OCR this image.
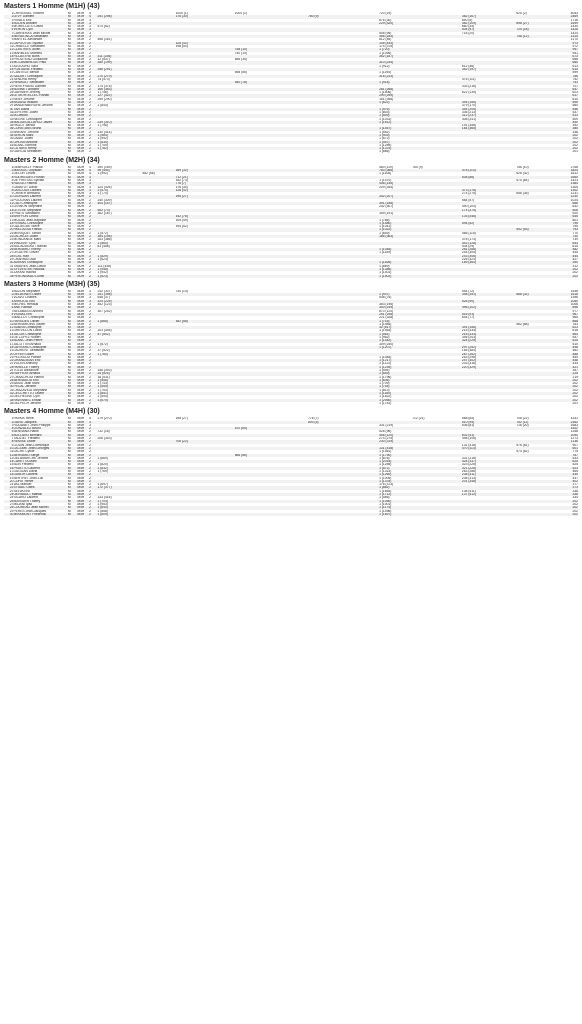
Masters 1 Homme (M1H) (43)
	CHRISSSEL Vincent	M	M1H	4			1000 (1)		1000 (1)			720 (19)				625 (2)	4043
	LEVY Damien	M	M1H	4	251 (298)		676 (30)			760 (9)				382 (167)			2469
	RIVALS Eric	M	M1H	3								676 (30)		640 (5)			1716
	BODEN Antoine	M	M1H	3								229 (320)		482 (109)		698 (27)	1699
	MORELLATO David	M	M1H	3	574 (62)									660 (34)			1434
	VERON Cyril	M	M1H	3										504 (97)		724 (18)	1428
	CARRERAS Jean Michel	M	M1H	3								508 (95)		716 (20)			1424
	MENDONCA Sébastien	M	M1H	3								366 (183)				748 (12)	1314
	MARTEL Alexandre	M	M1H	2	558 (161)							612 (46)					1170
10	LAPOUTGE Sylvain	M	M1H	2			628 (42)					145 (434)					973
11	CRIBELLE Sébastien	M	M1H	2			598 (50)					174 (375)					972
12	CLASTRES Julien	M	M1H	2					758 (10)			1 (720)					957
13	MARBLEU Mathieu	M	M1H	2					740 (14)			1 (1095)					941
14	FILLASTRE Boris	M	M1H	2	311 (236)							362 (187)					673
15	PROUTEAU Guillaume	M	M1H	2	12 (537)				656 (35)								668
16	MCCAMBRIDGE Paul	M	M1H	2	350 (199)							310 (234)					660
17	AZOUGHLI Saïd	M	M1H	2								1 (912)		612 (46)			613
18	FONTAINE Frédéric	M	M1H	2	256 (291)									352 (197)			610
19	CANTELE Benoit	M	M1H	2					598 (55)			1 (1194)					599
20	SALART Christophe	M	M1H	2	270 (279)							316 (233)					786
21	SENDRA Rémy	M	M1H	2	74 (473)									476 (111)			752
22	RENAULT Sébastien	M	M1H	2					540 (78)			1 (918)					741
23	REVEYRAND Damien	M	M1H	2	174 (375)									333 (216)			707
24	BONNET Antoine	M	M1H	2	166 (383)							281 (268)					647
25	GARNIER Jeremy	M	M1H	2	1 (746)							1 (1506)		622 (139)			623
26	LE MORTELLEC Ronan	M	M1H	2	127 (422)							290 (259)					617
27	NENY Jérôme	M	M1H	2	259 (290)							151 (398)					610
28	BIGAND William	M	M1H	2								1 (622)		394 (155)			595
29	VANDENBERGHE Jérôme	M	M1H	2	1 (844)									379 (170)			580
30	TAN David	M	M1H	2								1 (976)		344 (205)			546
31	LEFEVRE Julien	M	M1H	2								1 (803)		336 (213)			537
32	IA Davuth	M	M1H	2								1 (549)		312 (237)			513
33	NEGRE Christophe	M	M1H	2								1 (1031)		308 (241)			509
34	MAGUEDA-LAHOZ Javier	M	M1H	2	239 (310)							1 (1612)					440
35	PAGOT Benoit	M	M1H	2	1 (796)									191 (358)			392
36	CONSTANS Bruno	M	M1H	2								1 (1457)		184 (365)			385
37	BREANT Jérôme	M	M1H	2	130 (414)							1 (552)					336
38	SERON Marc	M	M1H	2	1 (984)							1 (903)					202
39	LABAT Julien	M	M1H	2	1 (992)							1 (672)					202
40	GHOSN Antoine	M	M1H	2	1 (635)							1 (947)					202
41	BLANC Etienne	M	M1H	2	1 (709)							1 (1289)					202
42	CUTARD Rémy	M	M1H	2	1 (762)							1 (1375)					202
43	GARCIA Sebastien	M	M1H	2								1 (866)					201
Masters 2 Homme (M2H) (34)
	DEBROILLY Franck	M	M2H	4	390 (159)							460 (119)	760 (9)			756 (10)	2766
	MASSOC Ghyslain	M	M2H	4	95 (454)		669 (32)					783 (366)		478 (110)			1824
	DELOR Cedric	M	M2H	4	1 (992)	582 (56)						1 (1108)				628 (42)	1612
	RODRIGUES Florian	M	M2H	3			712 (21)							538 (86)			1660
	DE FREITAS Sylvain	M	M2H	3			552 (73)					1 (1470)				570 (64)	1423
	RAGGO Fatima	M	M2H	3			776 (7)					408 (145)					1384
	LABATUT David	M	M2H	3	124 (426)		676 (30)					209 (344)					1305
	LASCOUX Laurent	M	M2H	3	1 (570)		628 (42)							373 (176)			1302
	CRINER Bertrand	M	M2H	3	1 (770)									274 (275)		656 (35)	1231
10	GIORDAN Laurent	M	M2H	2			698 (27)					342 (207)					1230
11	POUCHAN Laurent	M	M2H	2	240 (309)									584 (57)			1024
12	CAO Christophe	M	M2H	2	404 (147)							391 (158)					666
13	LENNON Stéphane	M	M2H	2								242 (307)		490 (104)			632
14	LETEVE Stéphane	M	M2H	2	552 (73)									174 (375)			506
15	PRATS Sébastien	M	M2H	2	362 (187)							359 (191)					920
16	BRIFFON Cédric	M	M2H	2			542 (78)							103 (446)			645
17	MUZAS Jean-Baptiste	M	M2H	2			605 (49)					1 (786)					801
18	FERNAL Christophe	M	M2H	2								1 (1480)		594 (52)			795
19	GALIEGUE Steve	M	M2H	2			594 (52)					1 (1041)					795
20	PAILLASSA Franck	M	M2H	2								1 (1022)				592 (53)	793
21	MENIQUET Simon	M	M2H	2	1 (572)							1 (649)		466 (115)			770
22	LACHEZE Julien	M	M2H	2	354 (195)							186 (363)					740
23	MONDANGE Marc	M	M2H	2	163 (386)									376 (173)			739
24	VINCENT Cyril	M	M2H	2	1 (560)									442 (128)			643
25	BILLAUDEAU Thomas	M	M2H	2	81 (468)									534 (29)			615
26	BERNARD Thierry	M	M2H	2								1 (1045)		281 (268)			482
27	LEGATHE Olivier	M	M2H	2								1 (1159)		244 (305)			445
28	ECKL Ralf	M	M2H	2	1 (829)									243 (306)			444
29	CHARRAS Adil	M	M2H	2	1 (623)									226 (323)			427
30	ADRIAN Christophe	M	M2H	2								1 (1526)		189 (360)			390
31	TAVARES Jean-David	M	M2H	2	111 (438)							1 (869)					312
32	SYLVESTRE Nicolas	M	M2H	2	1 (948)							1 (1346)					202
33	ZAYANI Rachid	M	M2H	2	1 (942)							1 (1401)					202
34	PERONNAUD Lionel	M	M2H	2	1 (623)							1 (1502)					202
Masters 3 Homme (M3H) (35)
	BUZON Stéphane	M	M3H	3	242 (307)		740 (14)							554 (72)			1536
	DELAGNES Didier	M	M3H	3	151 (398)							1 (937)		398 (151)		668 (32)	1618
	VLAVO Charles	M	M3H	3	648 (37)							548 (75)					1396
	ARRIZOU Eric	M	M3H	3	324 (225)									526 (90)			1050
	MICHEL Renaud	M	M3H	3	452 (123)							353 (196)					1006
	ANE Fabrice	M	M3H	2								300 (249)		496 (102)			896
	BELABASSI Ahmed	M	M3H	2	307 (242)							670 (114)					977
	VIGNAL Eric	M	M3H	2								251 (298)		516 (91)			967
	MAILLOT Christophe	M	M3H	2								221 (328)		544 (77)			965
10	FARGUES Olivier	M	M3H	2	1 (866)		582 (58)					1 (716)					868
11	BERNARDINS Xavier	M	M3H	2								1 (1984)				562 (68)	763
12	SUBRA Christophe	M	M3H	2								32 (517)		391 (158)			623
13	DREVILLON Lionel	M	M3H	2	103 (446)							1 (1463)		215 (334)			618
14	JACOB Christophe	M	M3H	2	47 (502)							1 (561)		216 (333)			564
15	DE LOPEZ Robert	M	M3H	2								1 (982)		346 (203)			547
16	BLANC Jean-Pierre	M	M3H	2								1 (1442)		324 (225)			525
17	JACOTTIN Arnaud	M	M3H	2	1 (672)							309 (240)					510
18	GAYRARD Christophe	M	M3H	2								1 (1207)		297 (252)			498
19	LAURENT Sébastien	M	M3H	2	37 (522)									165 (384)			482
20	OFFER Didier	M	M3H	2	1 (760)									287 (262)			488
21	PELISSOU Patrice	M	M3H	2								1 (1084)		253 (296)			454
22	GRANDJEAN Eric	M	M3H	2								1 (1217)		247 (302)			448
23	VILLEN Anthony	M	M3H	2								1 (1113)		233 (316)			434
24	PARELLE Thierry	M	M3H	2								1 (1239)		220 (329)			421
25	TOLDI Alexandre	M	M3H	2	156 (393)							1 (594)					357
26	RAFFRAY Arnaud	M	M3H	2	24 (525)							1 (649)					225
27	CHAACHOUI Hamid	M	M3H	2	18 (531)							1 (1796)					219
28	BERNADOU Eric	M	M3H	2	1 (558)							1 (636)					202
29	BASSI Jean Marc	M	M3H	2	1 (743)							1 (709)					202
30	PECAL Jérôme	M	M3H	2	1 (555)							1 (744)					202
31	CHAZAVIGA Stéphane	M	M3H	2	1 (753)							1 (813)					202
32	CECCHETTO Olivier	M	M3H	2	1 (851)							1 (1160)					202
33	DECHEGNE Cyril	M	M3H	2	1 (554)							1 (1822)					202
34	FAVENNEC Erwan	M	M3H	2	1 (670)							1 (2060)					202
35	DELPECH Jérôme	M	M3H	2								1 (1781)					201
Masters 4 Homme (M4H) (30)
	PAPAIX René	M	M4H	5	279 (270)		698 (27)			776 (7)			712 (21)	568 (65)		708 (22)	4331
	DAVID Jacques	M	M4H	3						800 (5)				510 (94)		752 (11)	2362
	ROUANET Jean-Philippe	M	M4H	3								331 (219)		536 (81)		716 (20)	1683
	GONZALEZ Bruno	M	M4H	2					570 (64)								1522
	BENNANA Habib	M	M4H	2	732 (16)							526 (96)					1258
	BOLLARD Bernard	M	M4H	2								458 (120)		632 (41)			1090
	TAUZIET Frédéric	M	M4H	2	206 (343)							274 (275)		498 (105)			1273
	REMISE Didier	M	M4H	2			706 (22)					230 (319)					1136
	GODIN Jean-Dominique	M	M4H	2										131 (418)		576 (61)	907
10	LACOME Jean-Georges	M	M4H	2								131 (418)		470 (114)			601
11	LACHE Cyrille	M	M4H	2								1 (1461)				574 (62)	775
12	BERNARD Serge	M	M4H	2					566 (66)			1 (1790)					767
13	DELAMARCHE Jérôme	M	M4H	2	1 (669)							1 (878)		331 (218)			533
14	CARETTA Marc	M	M4H	2								1 (2015)		424 (137)			625
15	BLIN Frédéric	M	M4H	2	1 (820)							1 (1255)		323 (226)			525
16	PIGATTO Laurent	M	M4H	2	1 (832)							1 (872)		321 (228)			523
17	DUGGAN David	M	M4H	2	1 (769)							1 (1313)		263 (286)			465
18	DUBOR Laurent	M	M4H	2								1 (1260)		238 (311)			439
19	BERTHET Jean-Luc	M	M4H	2								1 (1005)		236 (313)			437
20	COHIT Hervé	M	M4H	2								1 (1378)		201 (348)			402
21	VAZ Manuel	M	M4H	2	1 (697)							176 (373)					377
22	STIBAC Gilles	M	M4H	2	172 (377)							1 (882)					373
23	SELVA Eric	M	M4H	2								1 (1654)		138 (411)			336
24	GERBAULT Martial	M	M4H	2								1 (1712)		137 (412)			338
25	SICARD Laurent	M	M4H	2	133 (416)							1 (585)					334
26	BOISSIER Thierry	M	M4H	2	1 (704)							1 (1050)					202
27	MIDANI Iyad	M	M4H	2	1 (953)							1 (1001)					202
28	COUREAU Jean Michel	M	M4H	2	1 (644)							1 (1174)					202
29	PERES Jean-Jacques	M	M4H	2	1 (858)							1 (1496)					202
30	MIRAMONT Frédérick	M	M4H	2	1 (809)							1 (1697)					202
